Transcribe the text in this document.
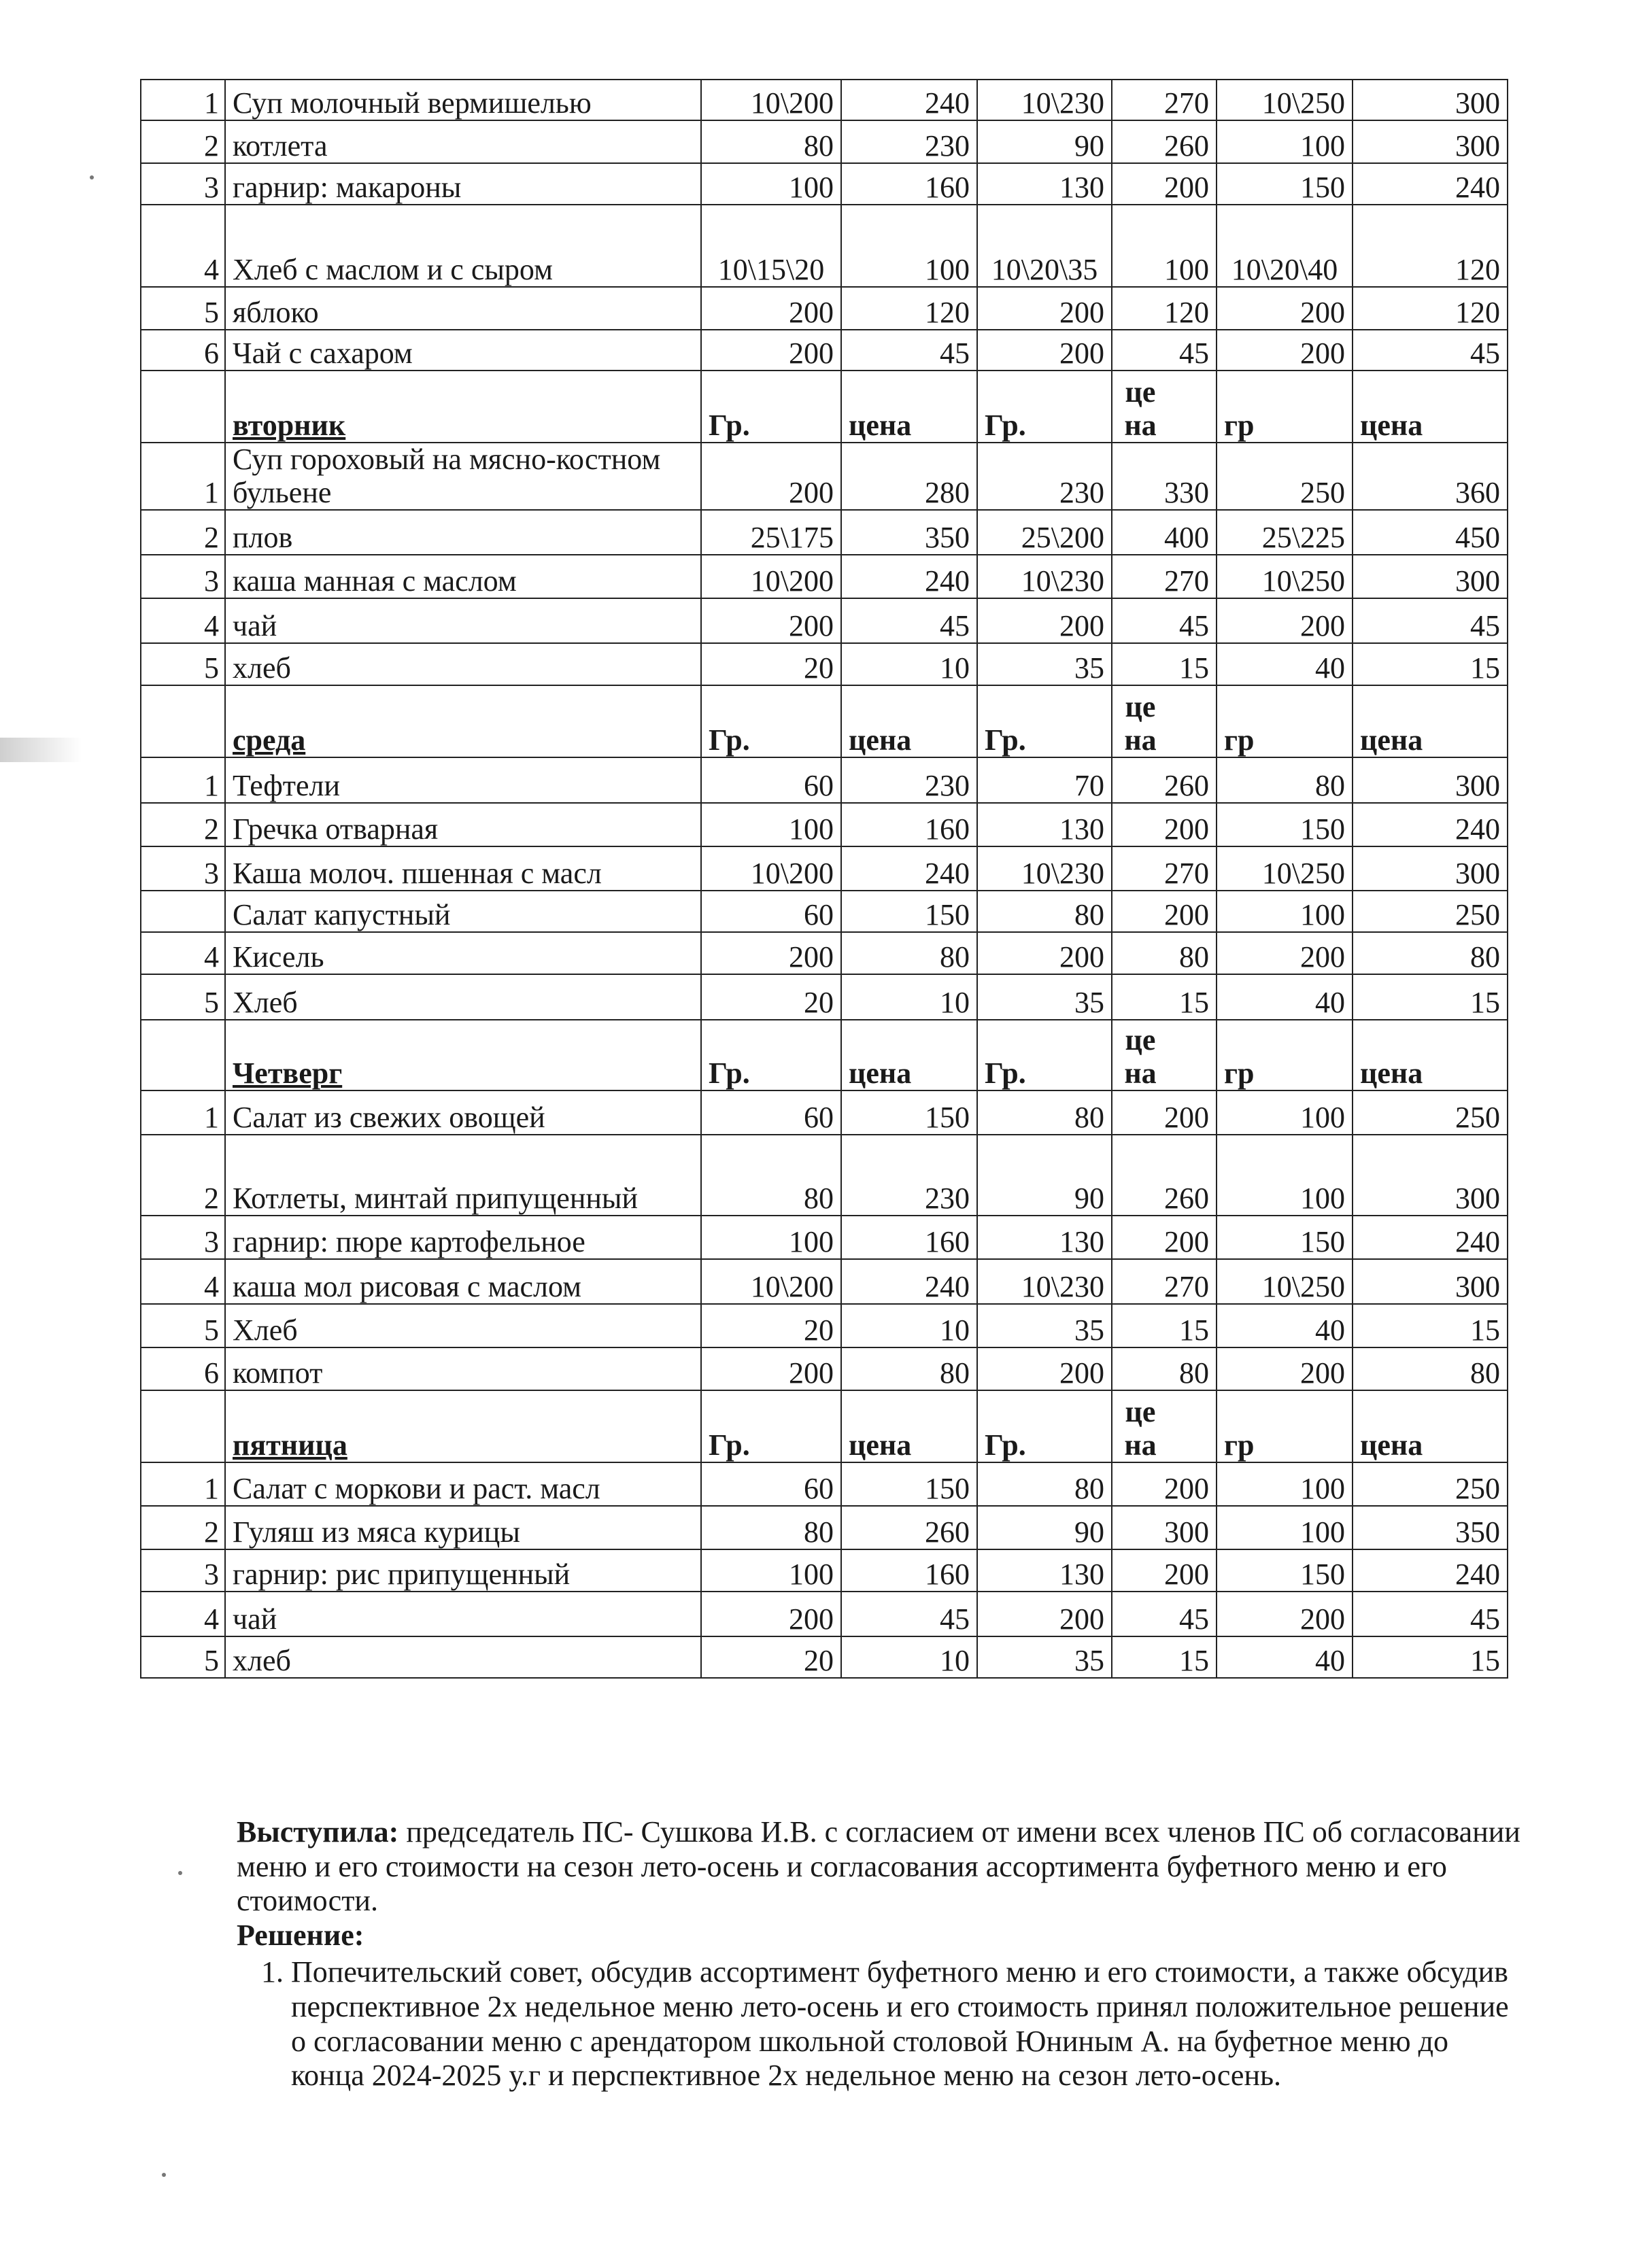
1	Суп молочный вермишелью	10\200	240	10\230	270	10\250	300
2	котлета	80	230	90	260	100	300
3	гарнир: макароны	100	160	130	200	150	240
4	Хлеб с маслом и с сыром	10\15\20	100	10\20\35	100	10\20\40	120
5	яблоко	200	120	200	120	200	120
6	Чай с сахаром	200	45	200	45	200	45
	вторник	Гр.	цена	Гр.	цена	гр	цена
1	Суп гороховый на мясно-костном бульене	200	280	230	330	250	360
2	плов	25\175	350	25\200	400	25\225	450
3	каша манная с маслом	10\200	240	10\230	270	10\250	300
4	чай	200	45	200	45	200	45
5	хлеб	20	10	35	15	40	15
	среда	Гр.	цена	Гр.	цена	гр	цена
1	Тефтели	60	230	70	260	80	300
2	Гречка отварная	100	160	130	200	150	240
3	Каша молоч. пшенная с масл	10\200	240	10\230	270	10\250	300
	Салат капустный	60	150	80	200	100	250
4	Кисель	200	80	200	80	200	80
5	Хлеб	20	10	35	15	40	15
	Четверг	Гр.	цена	Гр.	цена	гр	цена
1	Салат из свежих овощей	60	150	80	200	100	250
2	Котлеты, минтай припущенный	80	230	90	260	100	300
3	гарнир: пюре картофельное	100	160	130	200	150	240
4	каша мол рисовая с маслом	10\200	240	10\230	270	10\250	300
5	Хлеб	20	10	35	15	40	15
6	компот	200	80	200	80	200	80
	пятница	Гр.	цена	Гр.	цена	гр	цена
1	Салат с моркови и раст. масл	60	150	80	200	100	250
2	Гуляш из мяса курицы	80	260	90	300	100	350
3	гарнир: рис припущенный	100	160	130	200	150	240
4	чай	200	45	200	45	200	45
5	хлеб	20	10	35	15	40	15

Выступила: председатель ПС- Сушкова И.В. с согласием от имени всех членов ПС об согласовании меню и его стоимости на сезон лето-осень и согласования ассортимента буфетного меню и его стоимости.

Решение:

1. Попечительский совет, обсудив ассортимент буфетного меню и его стоимости, а также обсудив перспективное 2х недельное меню лето-осень и его стоимость принял положительное решение о согласовании меню с арендатором школьной столовой Юниным А. на буфетное меню до конца 2024-2025 у.г и перспективное 2х недельное меню на сезон лето-осень.
